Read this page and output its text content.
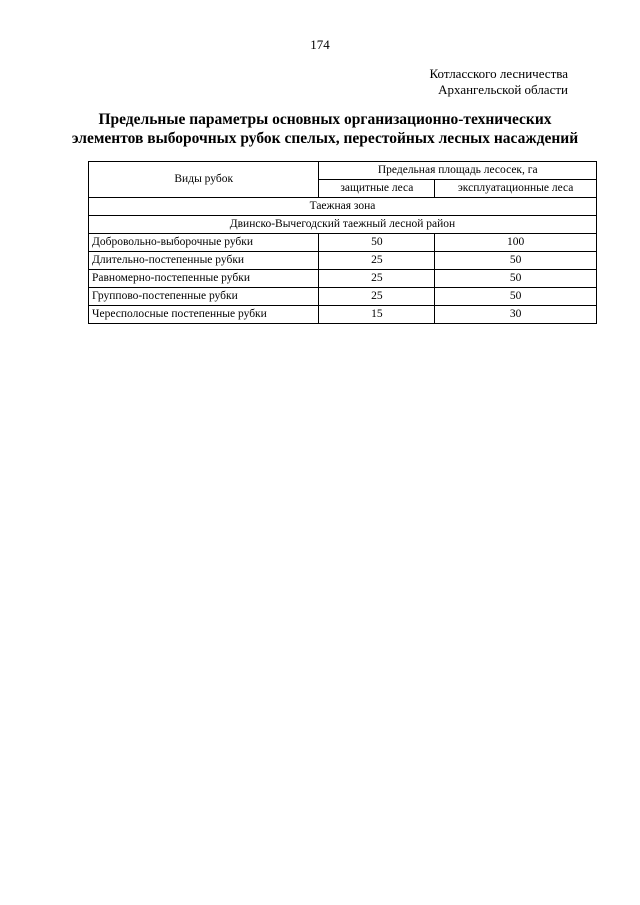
174
Котласского лесничества
Архангельской области
Предельные параметры основных организационно-технических
элементов выборочных рубок спелых, перестойных лесных насаждений
Виды рубок	Предельная площадь лесосек, га	
	защитные леса	эксплуатационные леса
Таежная зона		
Двинско-Вычегодский таежный лесной район		
Добровольно-выборочные рубки	50	100
Длительно-постепенные рубки	25	50
Равномерно-постепенные рубки	25	50
Группово-постепенные рубки	25	50
Чересполосные постепенные рубки	15	30
